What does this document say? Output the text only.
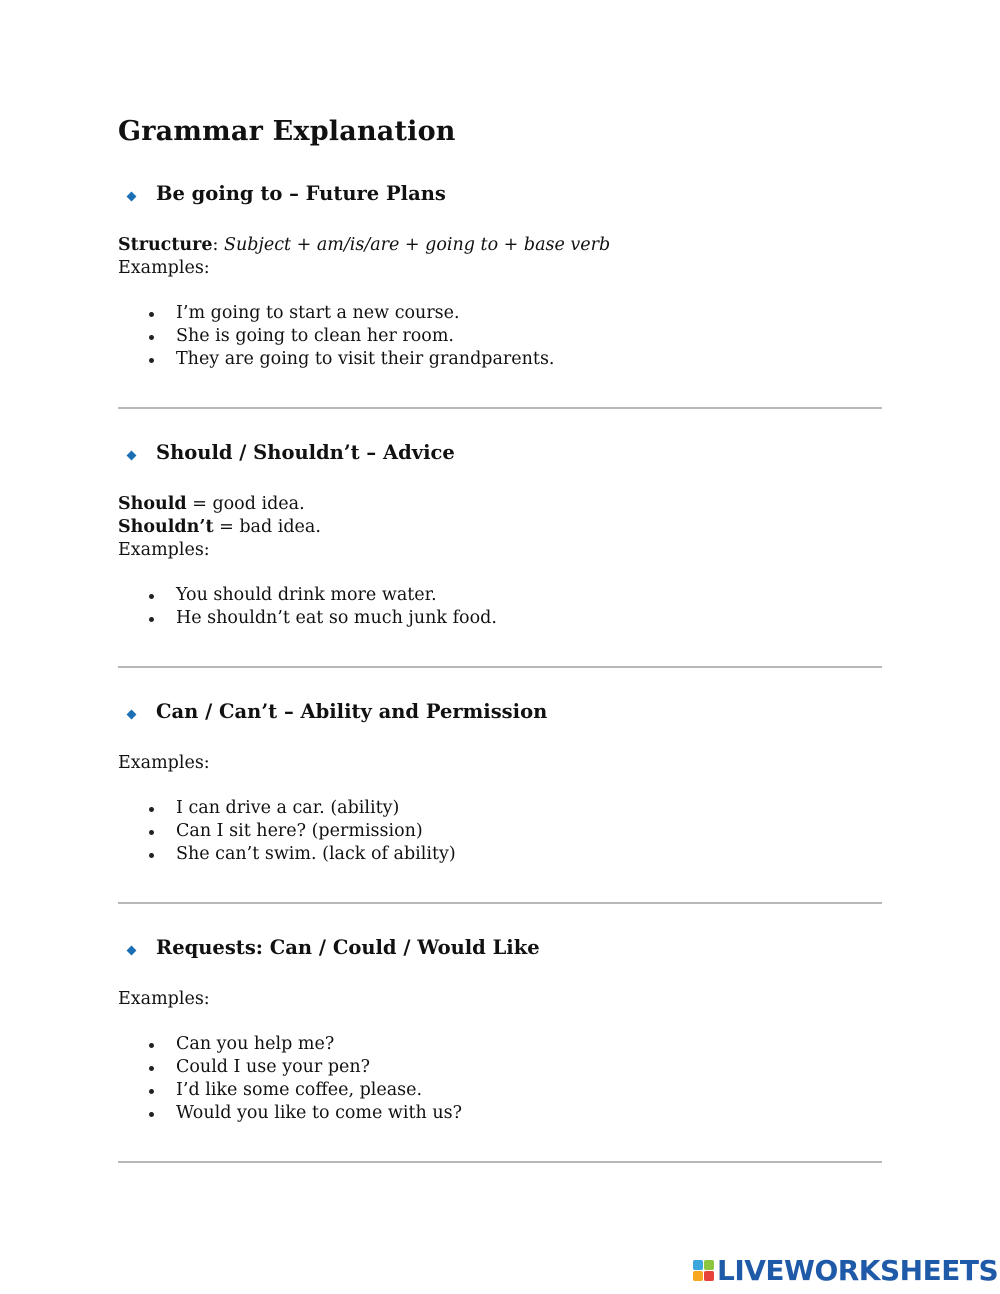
Grammar Explanation
Be going to – Future Plans

Structure: Subject + am/is/are + going to + base verb

Examples:

I’m going to start a new course.
She is going to clean her room.
They are going to visit their grandparents.
Should / Shouldn’t – Advice

Should = good idea.

Shouldn’t = bad idea.

Examples:

You should drink more water.
He shouldn’t eat so much junk food.
Can / Can’t – Ability and Permission

Examples:

I can drive a car. (ability)
Can I sit here? (permission)
She can’t swim. (lack of ability)
Requests: Can / Could / Would Like

Examples:

Can you help me?
Could I use your pen?
I’d like some coffee, please.
Would you like to come with us?
LIVEWORKSHEETS
